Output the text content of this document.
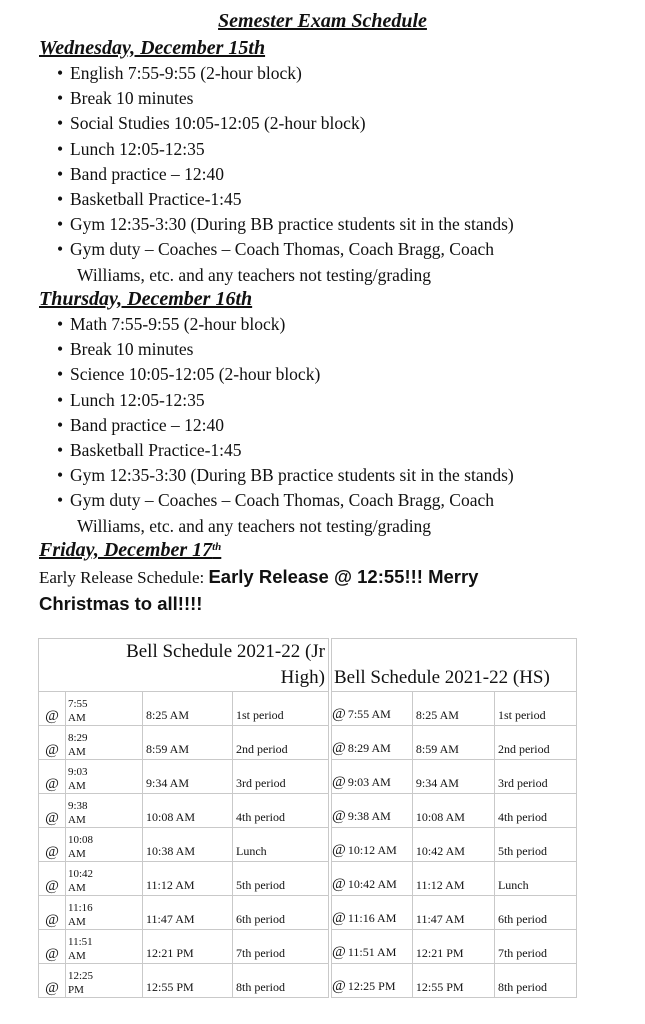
Semester Exam Schedule
Wednesday, December 15th
• English 7:55-9:55 (2-hour block)
• Break 10 minutes
• Social Studies 10:05-12:05 (2-hour block)
• Lunch 12:05-12:35
• Band practice – 12:40
• Basketball Practice-1:45
• Gym 12:35-3:30 (During BB practice students sit in the stands)
• Gym duty – Coaches – Coach Thomas, Coach Bragg, Coach
Williams, etc. and any teachers not testing/grading
Thursday, December 16th
• Math 7:55-9:55 (2-hour block)
• Break 10 minutes
• Science 10:05-12:05 (2-hour block)
• Lunch 12:05-12:35
• Band practice – 12:40
• Basketball Practice-1:45
• Gym 12:35-3:30 (During BB practice students sit in the stands)
• Gym duty – Coaches – Coach Thomas, Coach Bragg, Coach
Williams, etc. and any teachers not testing/grading
Friday, December 17th
Early Release Schedule: Early Release @ 12:55!!! Merry
Christmas to all!!!!
Bell Schedule 2021-22 (Jr
High)					Bell Schedule 2021-22 (HS)		
@	7:55
AM	8:25 AM	1st period		@ 7:55 AM	8:25 AM	1st period
@	8:29
AM	8:59 AM	2nd period		@ 8:29 AM	8:59 AM	2nd period
@	9:03
AM	9:34 AM	3rd period		@ 9:03 AM	9:34 AM	3rd period
@	9:38
AM	10:08 AM	4th period		@ 9:38 AM	10:08 AM	4th period
@	10:08
AM	10:38 AM	Lunch		@ 10:12 AM	10:42 AM	5th period
@	10:42
AM	11:12 AM	5th period		@ 10:42 AM	11:12 AM	Lunch
@	11:16
AM	11:47 AM	6th period		@ 11:16 AM	11:47 AM	6th period
@	11:51
AM	12:21 PM	7th period		@ 11:51 AM	12:21 PM	7th period
@	12:25
PM	12:55 PM	8th period		@ 12:25 PM	12:55 PM	8th period
